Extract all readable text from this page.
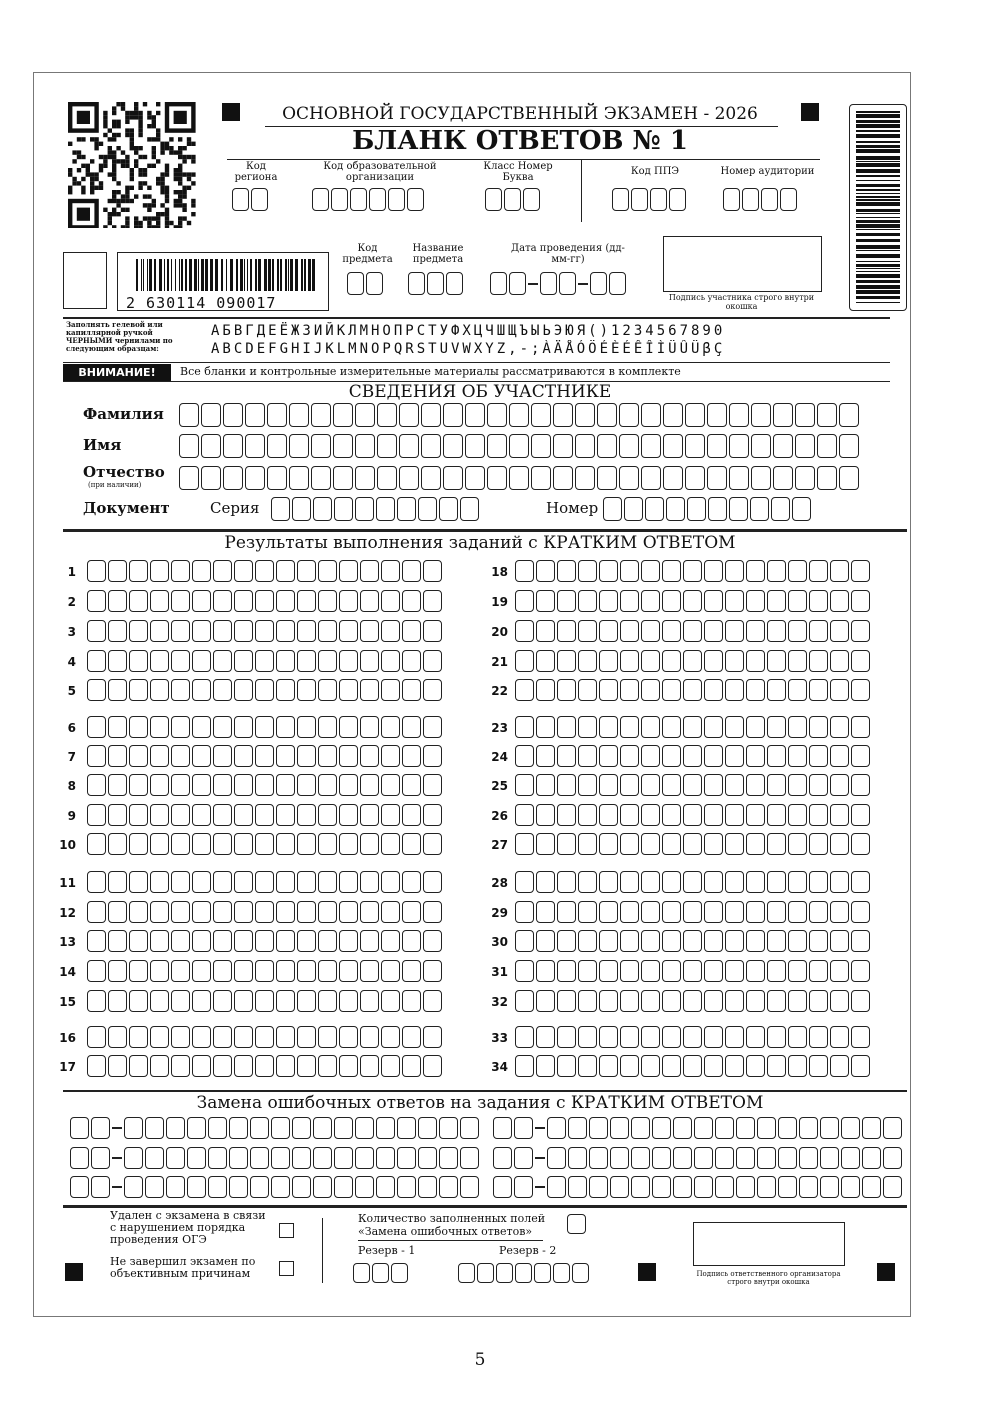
ОСНОВНОЙ ГОСУДАРСТВЕННЫЙ ЭКЗАМЕН - 2026
БЛАНК ОТВЕТОВ № 1
Код региона
Код образовательной организации
Класс Номер Буква
Код ППЭ	Номер аудитории
2 630114 090017
Код предмета
Название предмета
Дата проведения (дд-мм-гг)
Подпись участника строго внутри окошка
Заполнять гелевой или капиллярной ручкой ЧЕРНЫМИ чернилами по следующим образцам:
АБВГДЕЁЖЗИЙКЛМНОПРСТУФХЦЧШЩЪЫЬЭЮЯ()1234567890
ABCDEFGHIJKLMNOPQRSTUVWXYZ,-;ÀÄÅÓÖÉÈÉÊÎÌÜÛÜβÇ
ВНИМАНИЕ!	Все бланки и контрольные измерительные материалы рассматриваются в комплекте
СВЕДЕНИЯ ОБ УЧАСТНИКЕ
Фамилия
Имя
Отчество
(при наличии)
Документ	Серия	Номер
Результаты выполнения заданий с КРАТКИМ ОТВЕТОМ
1
2
3
4
5
6
7
8
9
10
11
12
13
14
15
16
17
18
19
20
21
22
23
24
25
26
27
28
29
30
31
32
33
34
Замена ошибочных ответов на задания с КРАТКИМ ОТВЕТОМ
Удален с экзамена в связи с нарушением порядка проведения ОГЭ
Не завершил экзамен по объективным причинам
Количество заполненных полей «Замена ошибочных ответов»
Резерв - 1	Резерв - 2
Подпись ответственного организатора строго внутри окошка
5
